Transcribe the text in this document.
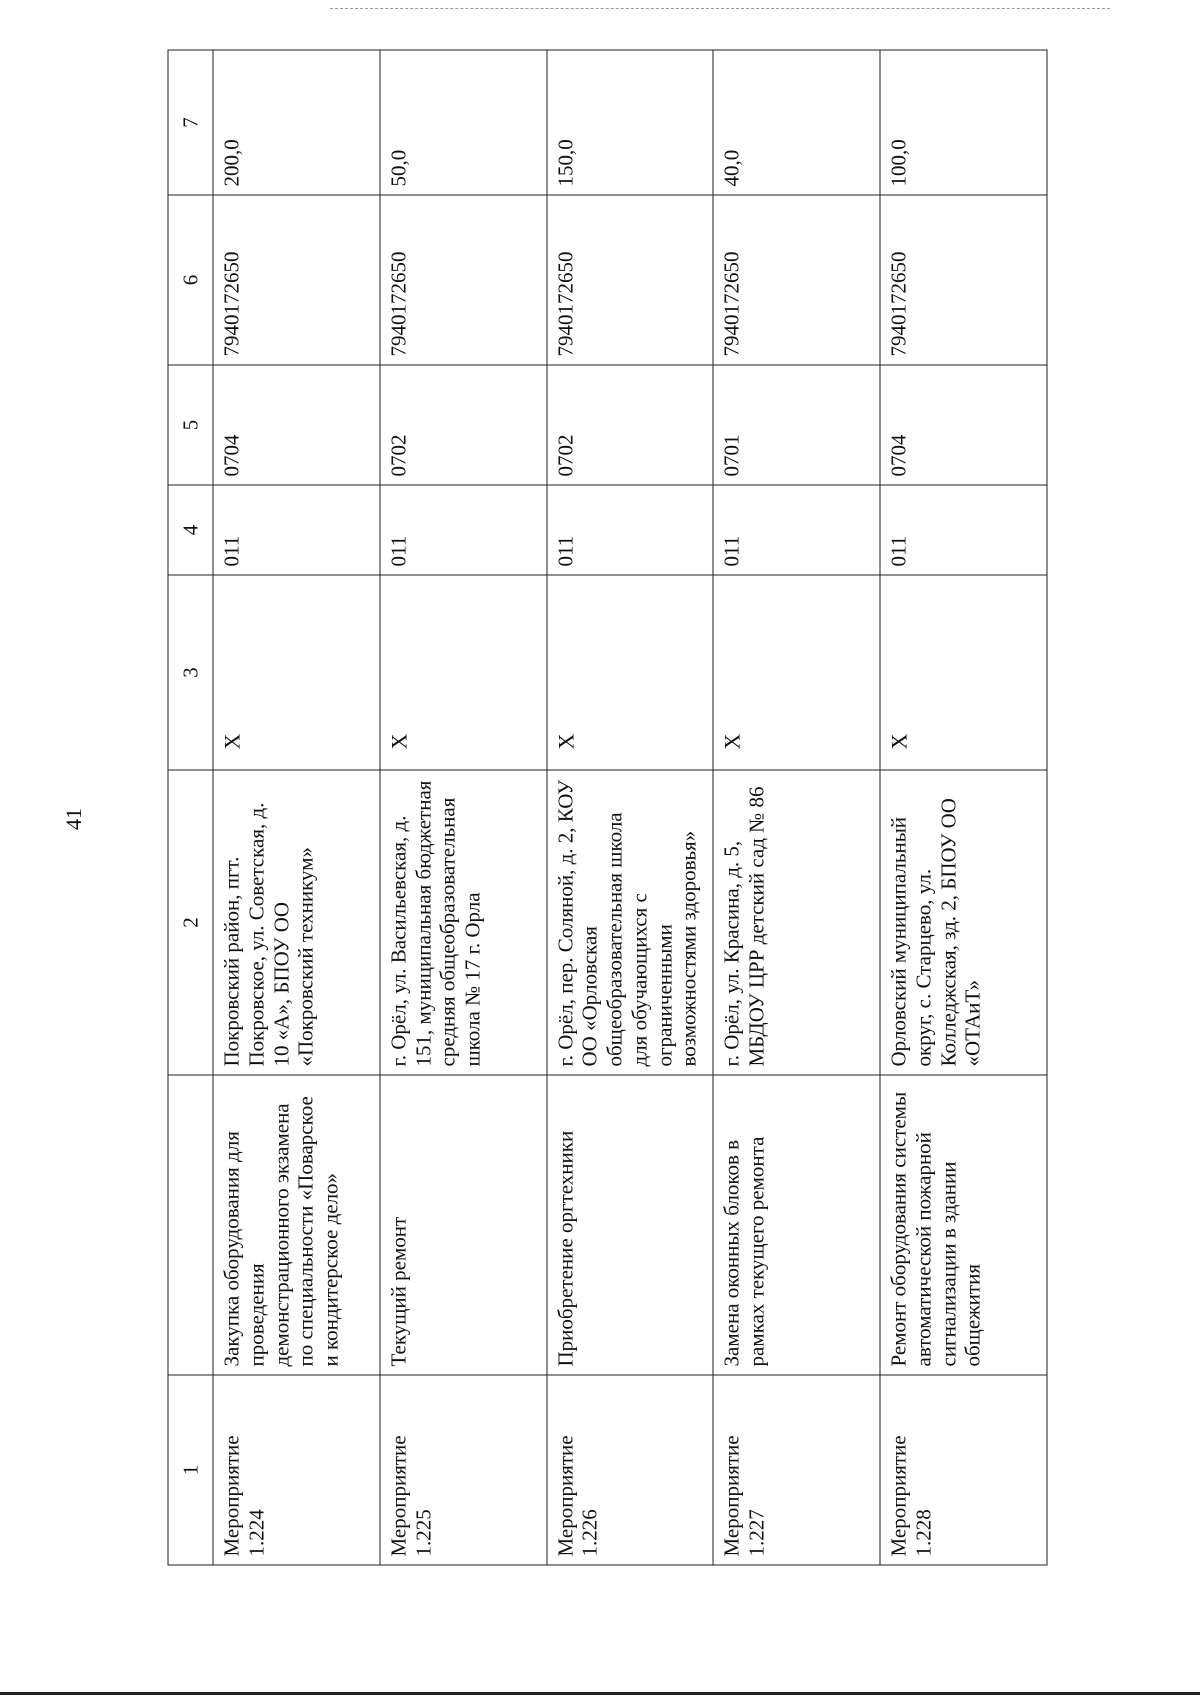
41
1		2	3	4	5	6	7
Мероприятие 1.224	Закупка оборудования для проведения демонстрационного экзамена по специальности «Поварское и кондитерское дело»	Покровский район, пгт. Покровское, ул. Советская, д. 10 «А», БПОУ ОО «Покровский техникум»	Х	011	0704	7940172650	200,0
Мероприятие 1.225	Текущий ремонт	г. Орёл, ул. Васильевская, д. 151, муниципальная бюджетная средняя общеобразовательная школа № 17 г. Орла	Х	011	0702	7940172650	50,0
Мероприятие 1.226	Приобретение оргтехники	г. Орёл, пер. Соляной, д. 2, КОУ ОО «Орловская общеобразовательная школа для обучающихся с ограниченными возможностями здоровья»	Х	011	0702	7940172650	150,0
Мероприятие 1.227	Замена оконных блоков в рамках текущего ремонта	г. Орёл, ул. Красина, д. 5, МБДОУ ЦРР детский сад № 86	Х	011	0701	7940172650	40,0
Мероприятие 1.228	Ремонт оборудования системы автоматической пожарной сигнализации в здании общежития	Орловский муниципальный округ, с. Старцево, ул. Колледжская, зд. 2, БПОУ ОО «ОТАиТ»	Х	011	0704	7940172650	100,0
